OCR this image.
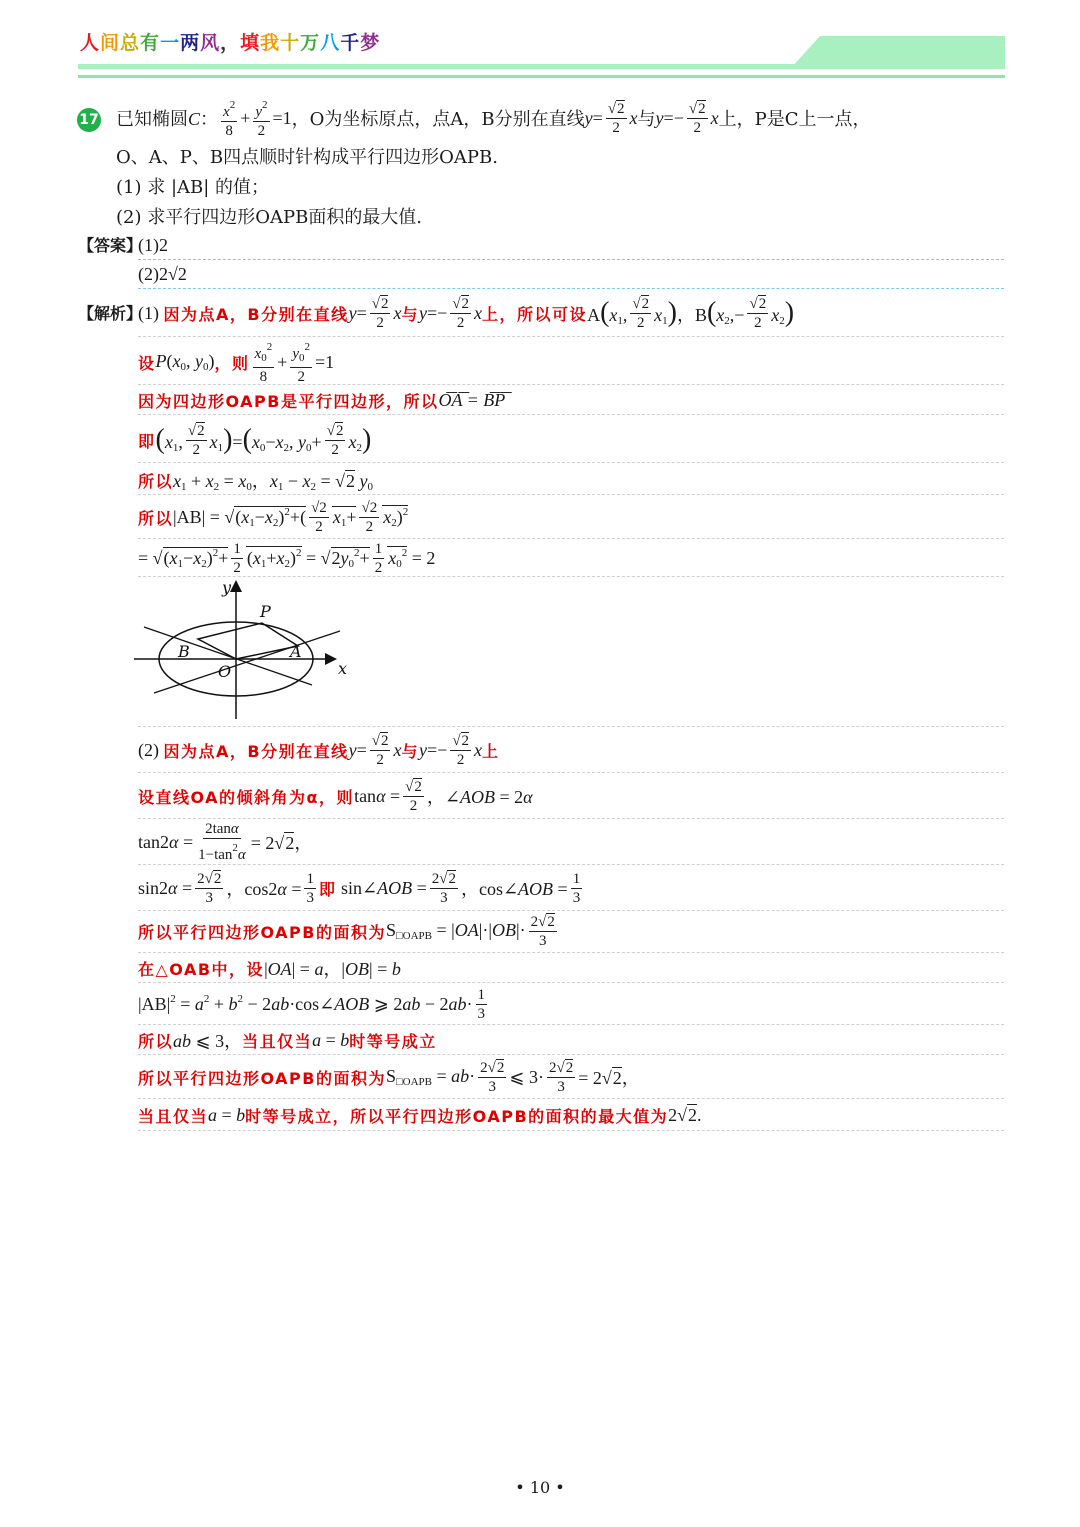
人间总有一两风，填我十万八千梦
17 已知椭圆 C： $x^2$
8
+ $\frac{y^2}{2} =1$ ，O为坐标原点，点A，B分别在直线 $y= \frac{√2}{2}$ x 与 $y=- \frac{√2}{2}$ x 上，P是C上一点，
O、A、P、B四点顺时针构成平行四边形OAPB.
(1) 求 |AB| 的值；
(2) 求平行四边形OAPB面积的最大值.
【答案】
(1)2
(2)2√2
【解析】
(1) 因为点A，B分别在直线 $y= \frac{√2}{2}$ x 与 $y=- \frac{√2}{2}$ x 上，所以可设 $A(x_1$,
√2
2 $x_1$)，$B(x_2,- \frac{√2}{2} x_2)$
设 $P(x_0$, $y_0$) ，则 $x_0^2$
8
+ $\frac{y_0^2}{2} =1$
因为四边形OAPB是平行四边形，所以 O͞A͞ = B͞P͞
即 ($x_1$,
√2
2 $x_1)=(x_0-x_2$, $y_0+ \frac{√2}{2} x_2$)
所以 $x_1 + x_2 = x_0$，$x_1 - x_2 = √2$ $y_0$
所以 $|AB| = √(x_1-x_2)^2+$( √2
2 $x_1+ \frac{√2}{2} x_2)^2$
= $√(x_1-x_2)^2+ \frac{1}{2} (x_1+x_2)^2 = √2y_0^2+ \frac{1}{2} x_0^2 = 2$
y
x
P
B
O
A
(2) 因为点A，B分别在直线 $y= \frac{√2}{2}$ x 与 $y=- \frac{√2}{2}$ x 上
设直线OA的倾斜角为α，则 $\tan\alpha = \frac{√2}{2}$ ，∠AOB = 2α
$\tan 2\alpha = \frac{2\tan\alpha}{1-\tan^2\alpha} = 2√2$，
$\sin 2\alpha = \frac{2√2}{3}$ ，$\cos 2\alpha = \frac{1}{3}$ 即 sin∠AOB = $\frac{2√2}{3}$ ，cos∠AOB = $\frac{1}{3}$
所以平行四边形OAPB的面积为 $S_{□OAPB} = |OA|\cdot|OB|\cdot 2√2$
3
在△OAB中，设 |OA| = a，|OB| = b
$|AB|^2 = a^2 + b^2$ − 2ab·cos∠AOB ⩾ 2ab − 2ab· 1
3
所以 ab ⩽ 3， 当且仅当 a = b 时等号成立
所以平行四边形OAPB的面积为 $S_{□OAPB} = ab\cdot 2√2$
3 ⩽ $3\cdot \frac{2√2}{3} = 2√2$，
当且仅当 a = b 时等号成立，所以平行四边形OAPB的面积的最大值为 2√2.
• 10 •
